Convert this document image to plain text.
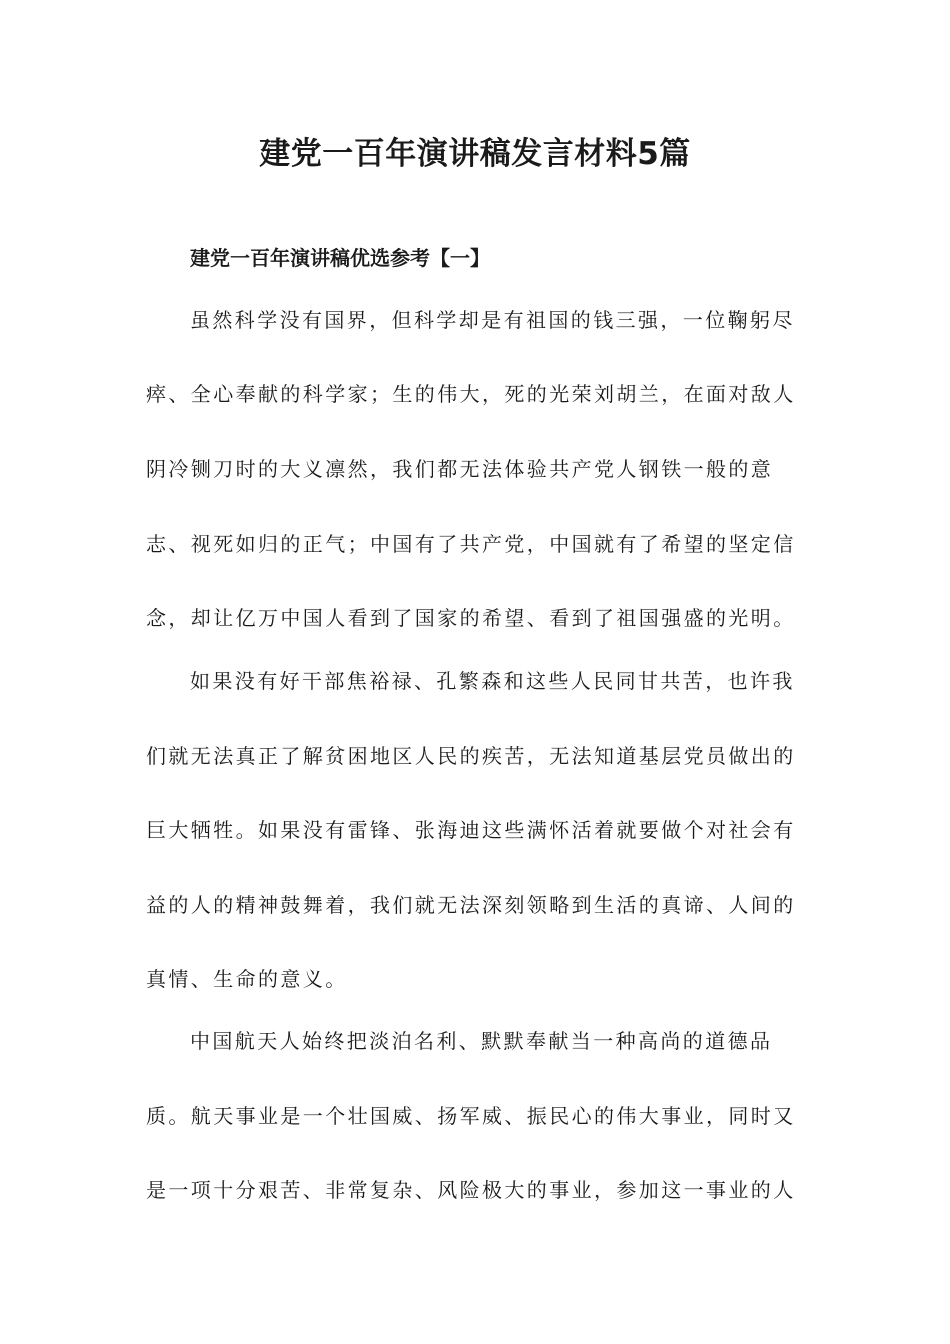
建党一百年演讲稿发言材料5篇
建党一百年演讲稿优选参考【一】

虽然科学没有国界，但科学却是有祖国的钱三强，一位鞠躬尽

瘁、全心奉献的科学家；生的伟大，死的光荣刘胡兰，在面对敌人

阴冷铡刀时的大义凛然，我们都无法体验共产党人钢铁一般的意

志、视死如归的正气；中国有了共产党，中国就有了希望的坚定信

念，却让亿万中国人看到了国家的希望、看到了祖国强盛的光明。

如果没有好干部焦裕禄、孔繁森和这些人民同甘共苦，也许我

们就无法真正了解贫困地区人民的疾苦，无法知道基层党员做出的

巨大牺牲。如果没有雷锋、张海迪这些满怀活着就要做个对社会有

益的人的精神鼓舞着，我们就无法深刻领略到生活的真谛、人间的

真情、生命的意义。

中国航天人始终把淡泊名利、默默奉献当一种高尚的道德品

质。航天事业是一个壮国威、扬军威、振民心的伟大事业，同时又

是一项十分艰苦、非常复杂、风险极大的事业，参加这一事业的人
